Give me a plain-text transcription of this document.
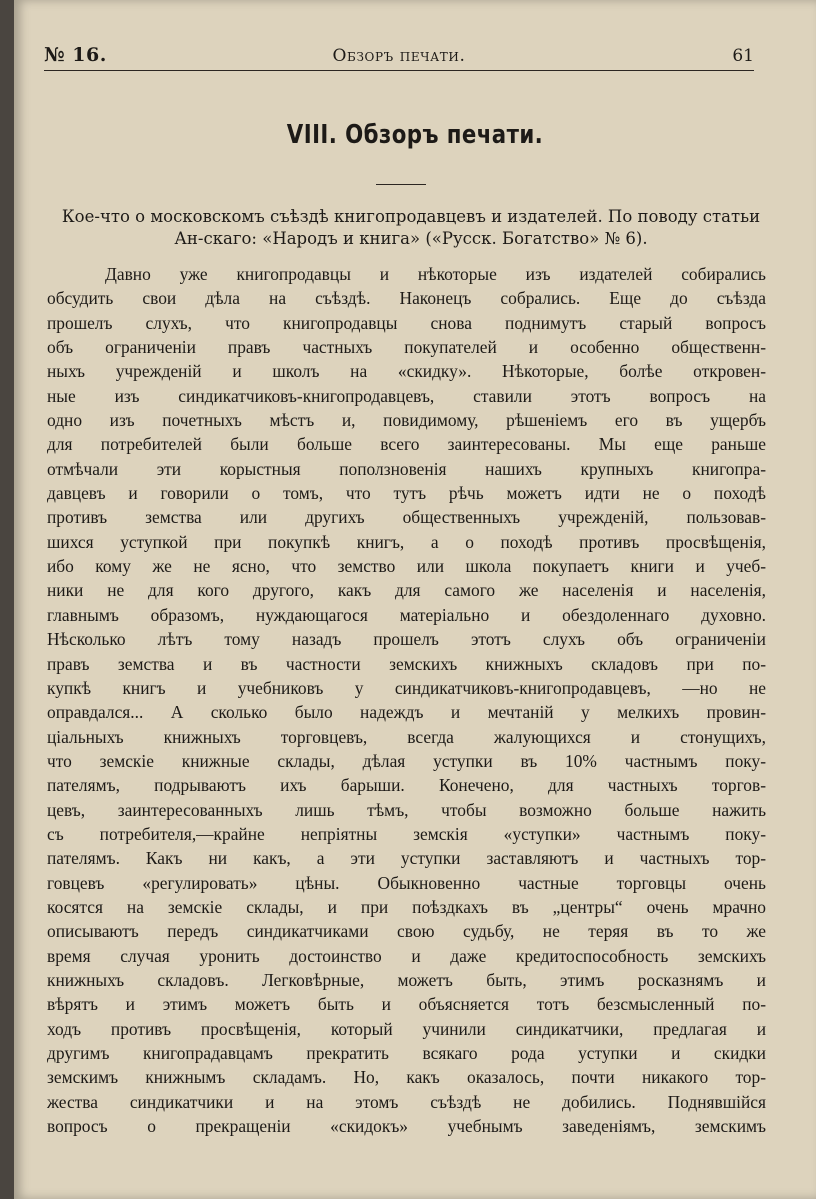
№ 16.	Обзоръ печати.	61
VIII. Обзоръ печати.
Кое-что о московскомъ съѣздѣ книгопродавцевъ и издателей. По поводу статьи
Ан-скаго: «Народъ и книга» («Русск. Богатство» № 6).
Давно уже книгопродавцы и нѣкоторые изъ издателей собирались
обсудить свои дѣла на съѣздѣ. Наконецъ собрались. Еще до съѣзда
прошелъ слухъ, что книгопродавцы снова поднимутъ старый вопросъ
объ ограниченіи правъ частныхъ покупателей и особенно общественн-
ныхъ учрежденій и школъ на «скидку». Нѣкоторые, болѣе откровен-
ные изъ синдикатчиковъ-книгопродавцевъ, ставили этотъ вопросъ на
одно изъ почетныхъ мѣстъ и, повидимому, рѣшеніемъ его въ ущербъ
для потребителей были больше всего заинтересованы. Мы еще раньше
отмѣчали эти корыстныя поползновенія нашихъ крупныхъ книгопра-
давцевъ и говорили о томъ, что тутъ рѣчь можетъ идти не о походѣ
противъ земства или другихъ общественныхъ учрежденій, пользовав-
шихся уступкой при покупкѣ книгъ, а о походѣ противъ просвѣщенія,
ибо кому же не ясно, что земство или школа покупаетъ книги и учеб-
ники не для кого другого, какъ для самого же населенія и населенія,
главнымъ образомъ, нуждающагося матеріально и обездоленнаго духовно.
Нѣсколько лѣтъ тому назадъ прошелъ этотъ слухъ объ ограниченіи
правъ земства и въ частности земскихъ книжныхъ складовъ при по-
купкѣ книгъ и учебниковъ у синдикатчиковъ-книгопродавцевъ, —но не
оправдался... А сколько было надеждъ и мечтаній у мелкихъ провин-
ціальныхъ книжныхъ торговцевъ, всегда жалующихся и стонущихъ,
что земскіе книжные склады, дѣлая уступки въ 10% частнымъ поку-
пателямъ, подрываютъ ихъ барыши. Конечено, для частныхъ торгов-
цевъ, заинтересованныхъ лишь тѣмъ, чтобы возможно больше нажить
съ потребителя,—крайне непріятны земскія «уступки» частнымъ поку-
пателямъ. Какъ ни какъ, а эти уступки заставляютъ и частныхъ тор-
говцевъ «регулировать» цѣны. Обыкновенно частные торговцы очень
косятся на земскіе склады, и при поѣздкахъ въ „центры“ очень мрачно
описываютъ передъ синдикатчиками свою судьбу, не теряя въ то же
время случая уронить достоинство и даже кредитоспособность земскихъ
книжныхъ складовъ. Легковѣрные, можетъ быть, этимъ росказнямъ и
вѣрятъ и этимъ можетъ быть и объясняется тотъ безсмысленный по-
ходъ противъ просвѣщенія, который учинили синдикатчики, предлагая и
другимъ книгопрадавцамъ прекратить всякаго рода уступки и скидки
земскимъ книжнымъ складамъ. Но, какъ оказалось, почти никакого тор-
жества синдикатчики и на этомъ съѣздѣ не добились. Поднявшійся
вопросъ о прекращеніи «скидокъ» учебнымъ заведеніямъ, земскимъ
